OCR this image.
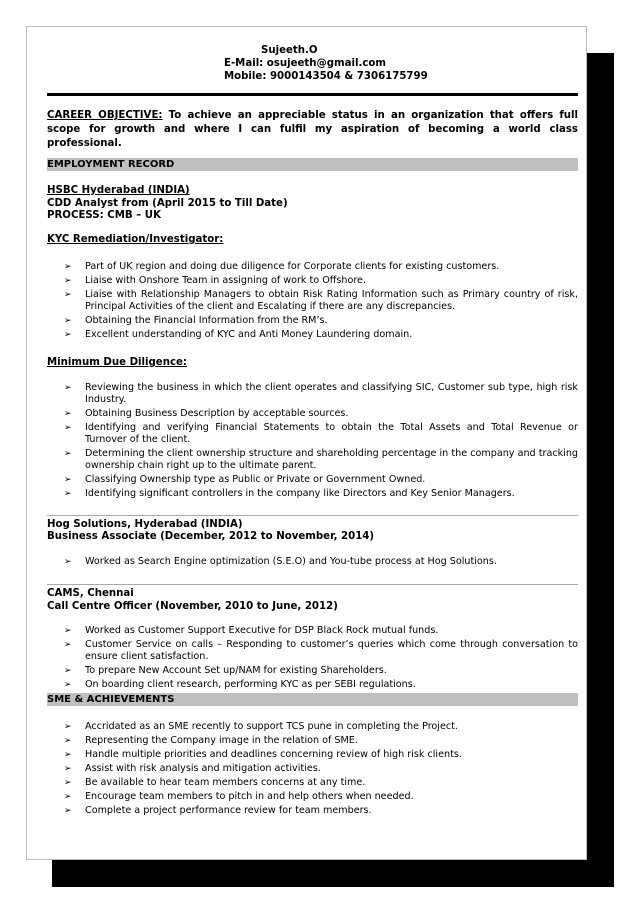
Sujeeth.O
E-Mail: osujeeth@gmail.com
Mobile: 9000143504 & 7306175799
CAREER OBJECTIVE: To achieve an appreciable status in an organization that offers full scope for growth and where I can fulfil my aspiration of becoming a world class professional.
EMPLOYMENT RECORD
HSBC Hyderabad (INDIA)
CDD Analyst from (April 2015 to Till Date)
PROCESS: CMB – UK
KYC Remediation/Investigator:
➢ Part of UK region and doing due diligence for Corporate clients for existing customers.
➢ Liaise with Onshore Team in assigning of work to Offshore.
➢ Liaise with Relationship Managers to obtain Risk Rating Information such as Primary country of risk, Principal Activities of the client and Escalating if there are any discrepancies.
➢ Obtaining the Financial Information from the RM’s.
➢ Excellent understanding of KYC and Anti Money Laundering domain.
Minimum Due Diligence:
➢ Reviewing the business in which the client operates and classifying SIC, Customer sub type, high risk Industry.
➢ Obtaining Business Description by acceptable sources.
➢ Identifying and verifying Financial Statements to obtain the Total Assets and Total Revenue or Turnover of the client.
➢ Determining the client ownership structure and shareholding percentage in the company and tracking ownership chain right up to the ultimate parent.
➢ Classifying Ownership type as Public or Private or Government Owned.
➢ Identifying significant controllers in the company like Directors and Key Senior Managers.
Hog Solutions, Hyderabad (INDIA)
Business Associate (December, 2012 to November, 2014)
➢ Worked as Search Engine optimization (S.E.O) and You-tube process at Hog Solutions.
CAMS, Chennai
Call Centre Officer (November, 2010 to June, 2012)
➢ Worked as Customer Support Executive for DSP Black Rock mutual funds.
➢ Customer Service on calls – Responding to customer’s queries which come through conversation to ensure client satisfaction.
➢ To prepare New Account Set up/NAM for existing Shareholders.
➢ On boarding client research, performing KYC as per SEBI regulations.
SME & ACHIEVEMENTS
➢ Accridated as an SME recently to support TCS pune in completing the Project.
➢ Representing the Company image in the relation of SME.
➢ Handle multiple priorities and deadlines concerning review of high risk clients.
➢ Assist with risk analysis and mitigation activities.
➢ Be available to hear team members concerns at any time.
➢ Encourage team members to pitch in and help others when needed.
➢ Complete a project performance review for team members.
